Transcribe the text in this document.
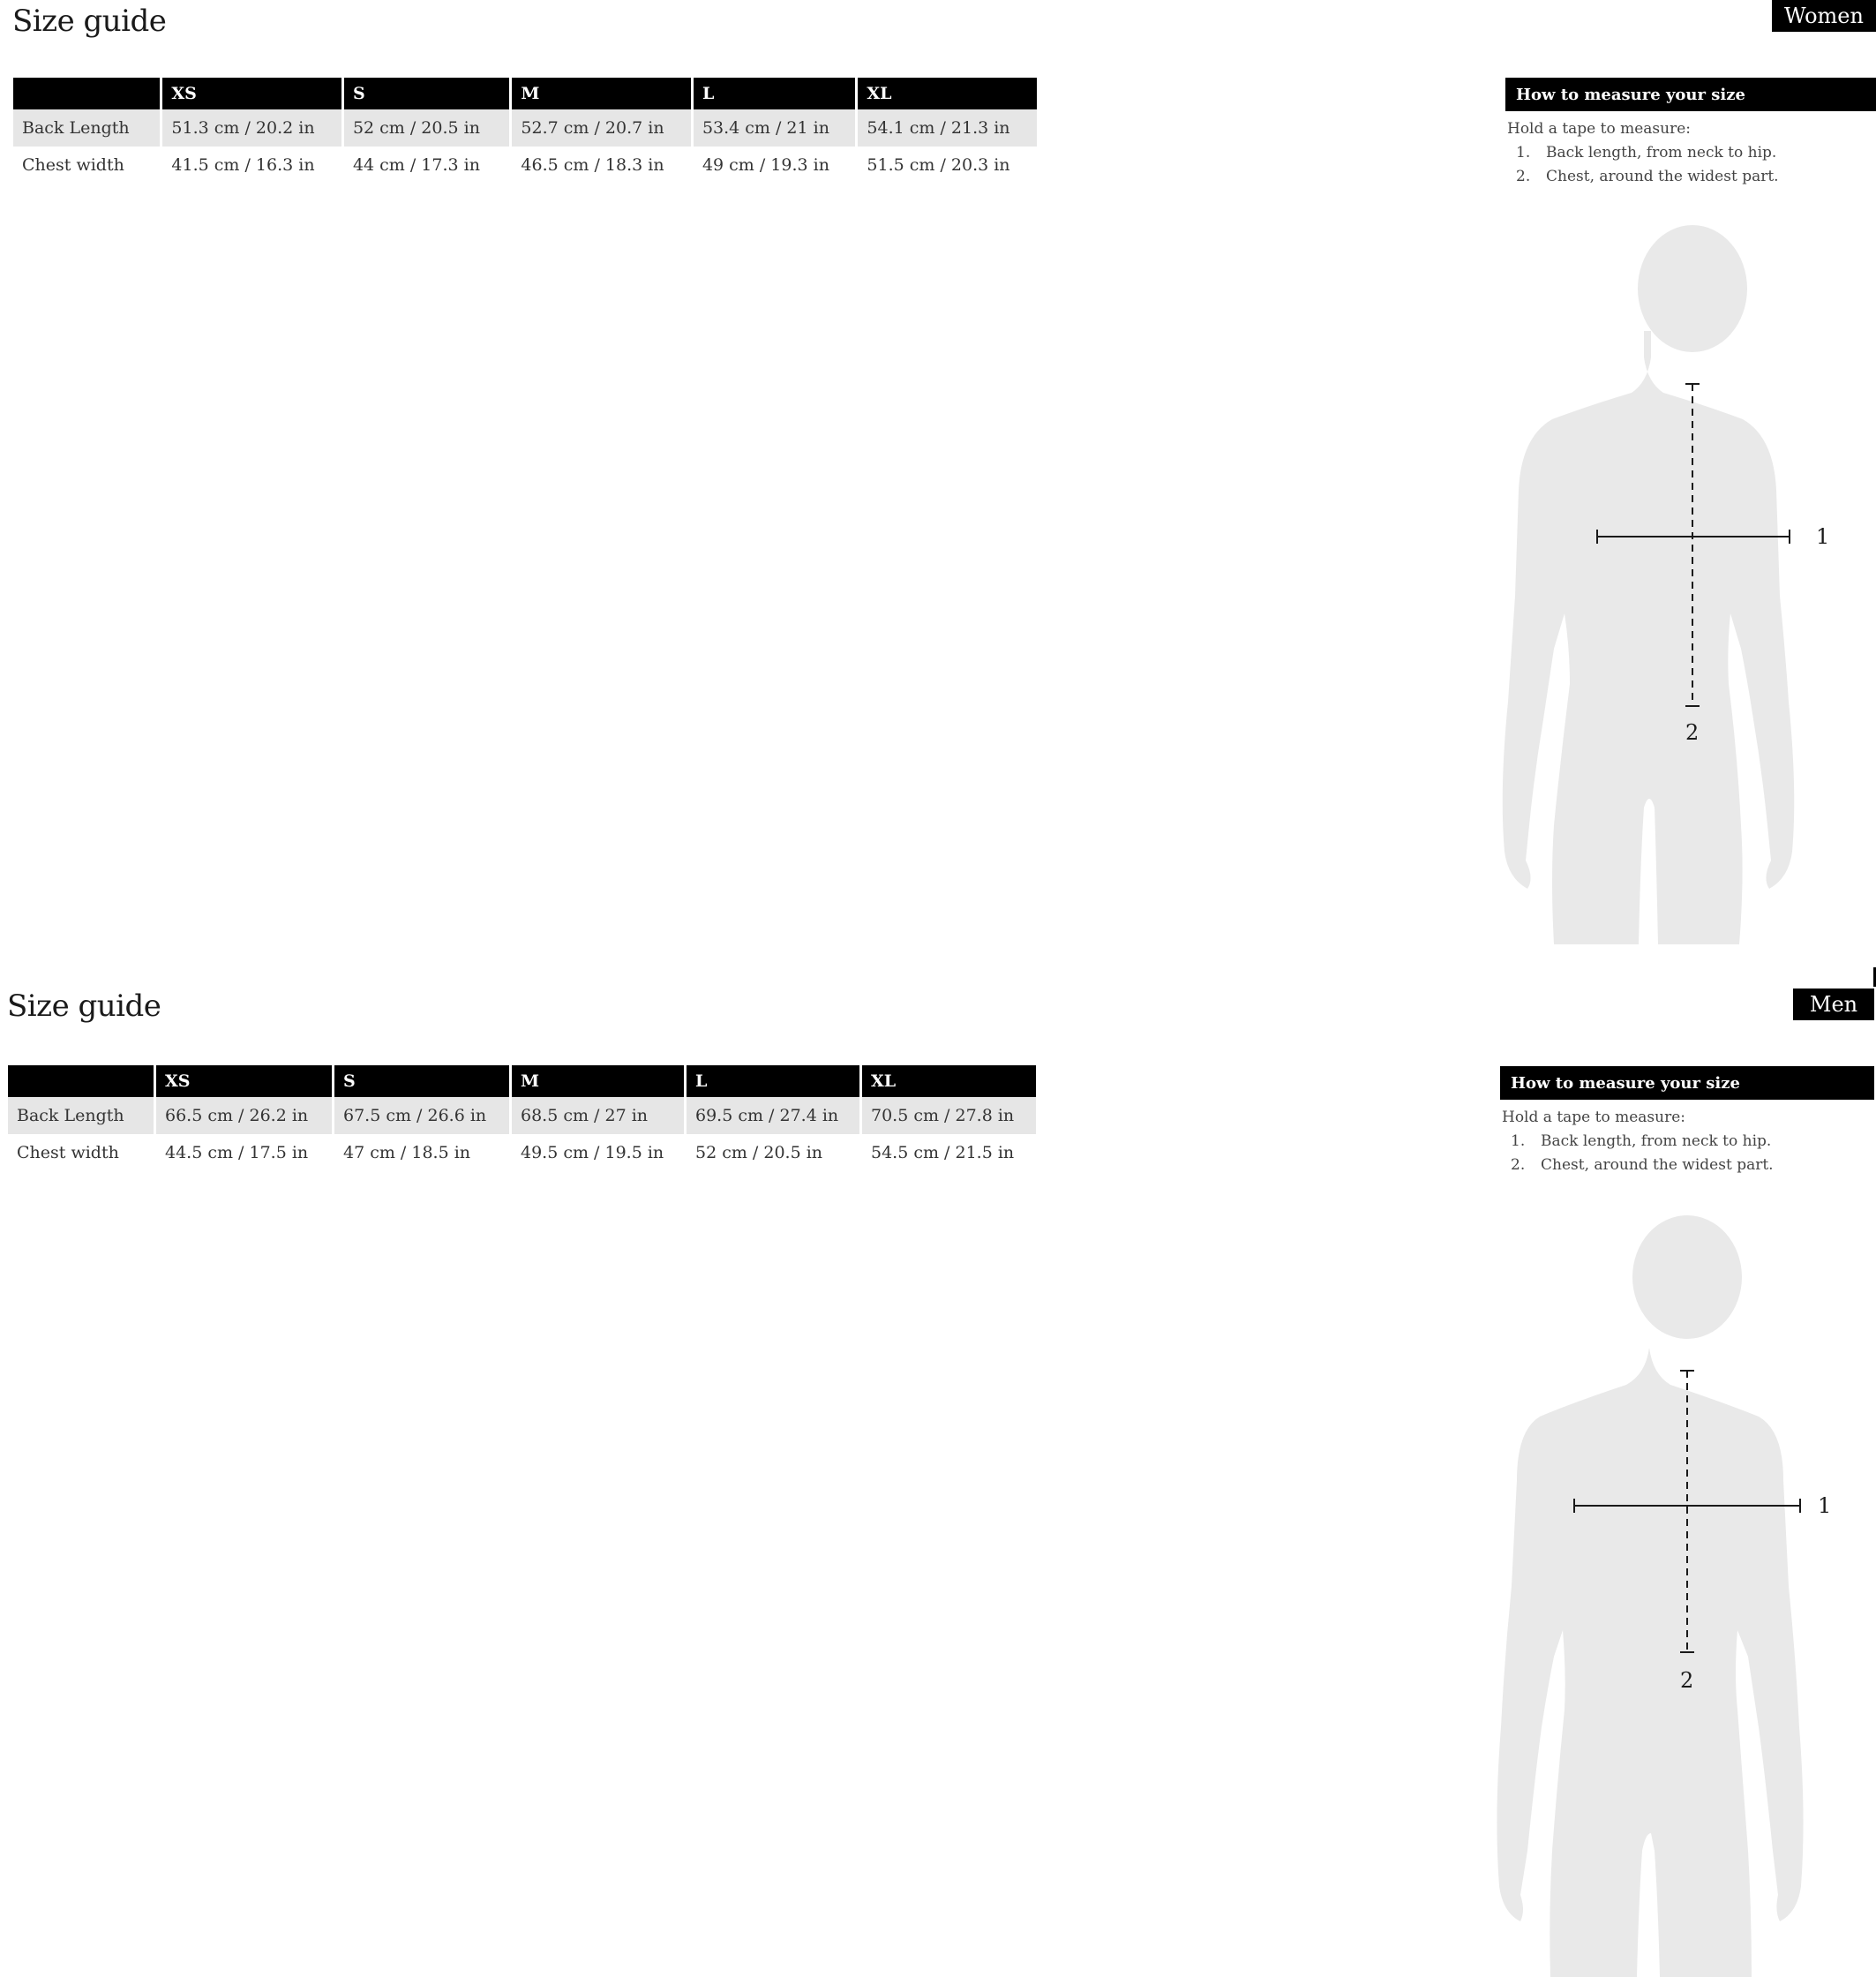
Size guide	Women
	XS	S	M	L	XL
Back Length	51.3 cm / 20.2 in	52 cm / 20.5 in	52.7 cm / 20.7 in	53.4 cm / 21 in	54.1 cm / 21.3 in
Chest width	41.5 cm / 16.3 in	44 cm / 17.3 in	46.5 cm / 18.3 in	49 cm / 19.3 in	51.5 cm / 20.3 in
How to measure your size
Hold a tape to measure:
1.	Back length, from neck to hip.
2.	Chest, around the widest part.
1
2
Size guide	Men
	XS	S	M	L	XL
Back Length	66.5 cm / 26.2 in	67.5 cm / 26.6 in	68.5 cm / 27 in	69.5 cm / 27.4 in	70.5 cm / 27.8 in
Chest width	44.5 cm / 17.5 in	47 cm / 18.5 in	49.5 cm / 19.5 in	52 cm / 20.5 in	54.5 cm / 21.5 in
How to measure your size
Hold a tape to measure:
1.	Back length, from neck to hip.
2.	Chest, around the widest part.
1
2
